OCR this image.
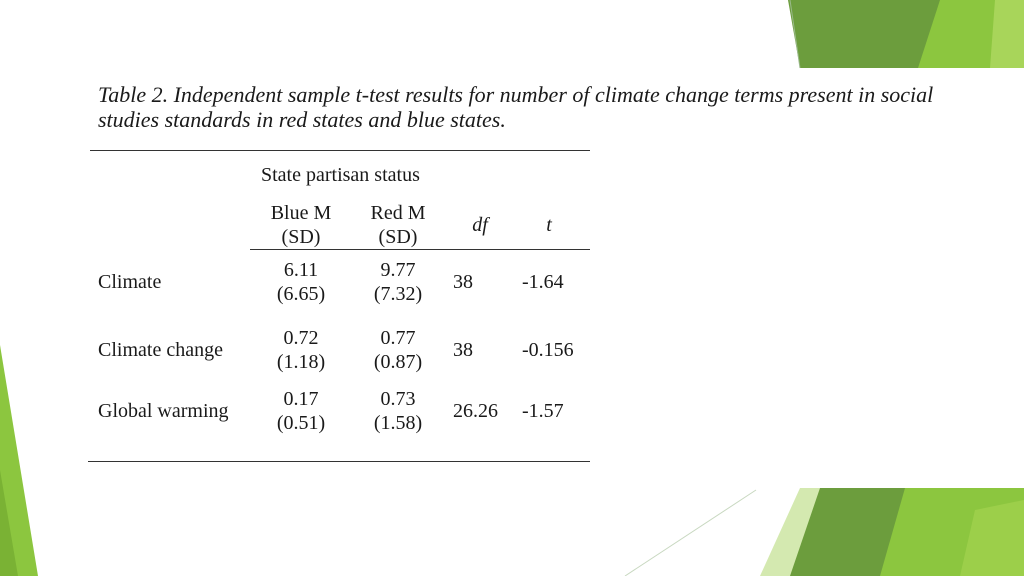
Table 2. Independent sample t-test results for number of climate change terms present in social studies standards in red states and blue states.
State partisan status
Blue M
(SD)
Red M
(SD)
df	t
Climate
6.11
(6.65)
9.77
(7.32)
38 -1.64
Climate change
0.72
(1.18)
0.77
(0.87)
38 -0.156
Global warming
0.17
(0.51)
0.73
(1.58)
26.26 -1.57
